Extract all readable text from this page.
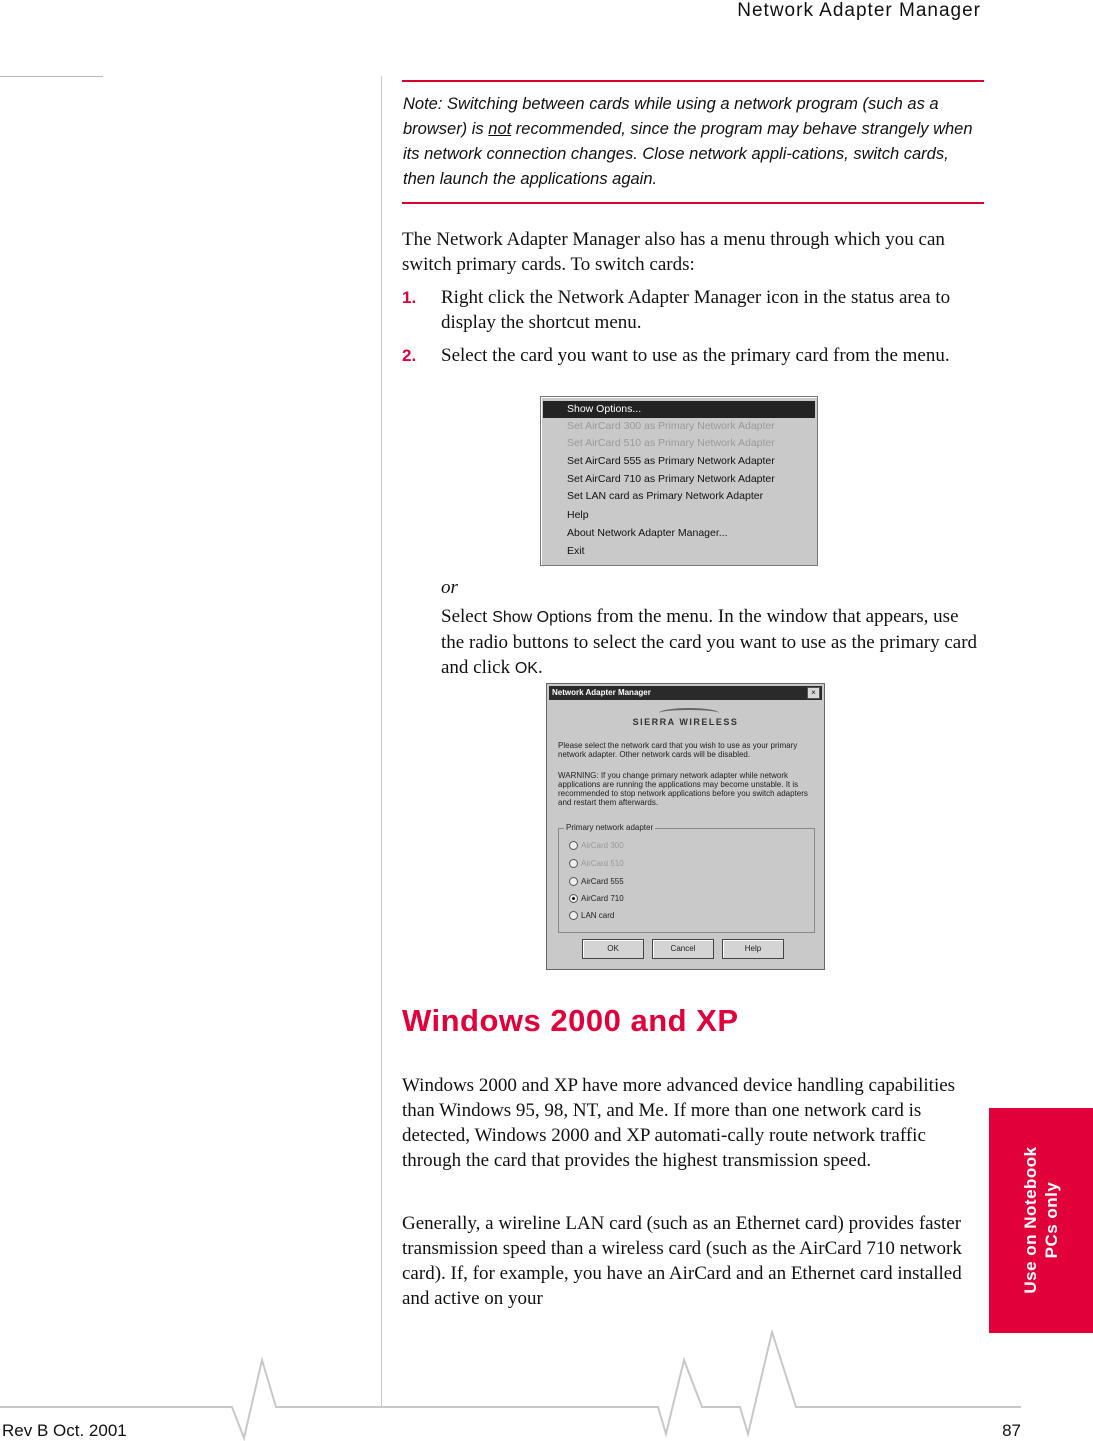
Network Adapter Manager
Note: Switching between cards while using a network program (such as a browser) is not recommended, since the program may behave strangely when its network connection changes. Close network appli-cations, switch cards, then launch the applications again.

The Network Adapter Manager also has a menu through which you can switch primary cards. To switch cards:

1. Right click the Network Adapter Manager icon in the status area to display the shortcut menu.
2. Select the card you want to use as the primary card from the menu.
Show Options...
Set AirCard 300 as Primary Network Adapter
Set AirCard 510 as Primary Network Adapter
Set AirCard 555 as Primary Network Adapter
Set AirCard 710 as Primary Network Adapter
Set LAN card as Primary Network Adapter
Help
About Network Adapter Manager...
Exit

or

Select Show Options from the menu. In the window that appears, use the radio buttons to select the card you want to use as the primary card and click OK.

Network Adapter Manager	×
SIERRA WIRELESS
Please select the network card that you wish to use as your primary network adapter. Other network cards will be disabled.
WARNING: If you change primary network adapter while network applications are running the applications may become unstable. It is recommended to stop network applications before you switch adapters and restart them afterwards.
Primary network adapter
AirCard 300
AirCard 510
AirCard 555
AirCard 710
LAN card
OK	Cancel	Help
Windows 2000 and XP

Windows 2000 and XP have more advanced device handling capabilities than Windows 95, 98, NT, and Me. If more than one network card is detected, Windows 2000 and XP automati-cally route network traffic through the card that provides the highest transmission speed.

Generally, a wireline LAN card (such as an Ethernet card) provides faster transmission speed than a wireless card (such as the AirCard 710 network card). If, for example, you have an AirCard and an Ethernet card installed and active on your

Use on Notebook PCs only
Rev B Oct. 2001	87
